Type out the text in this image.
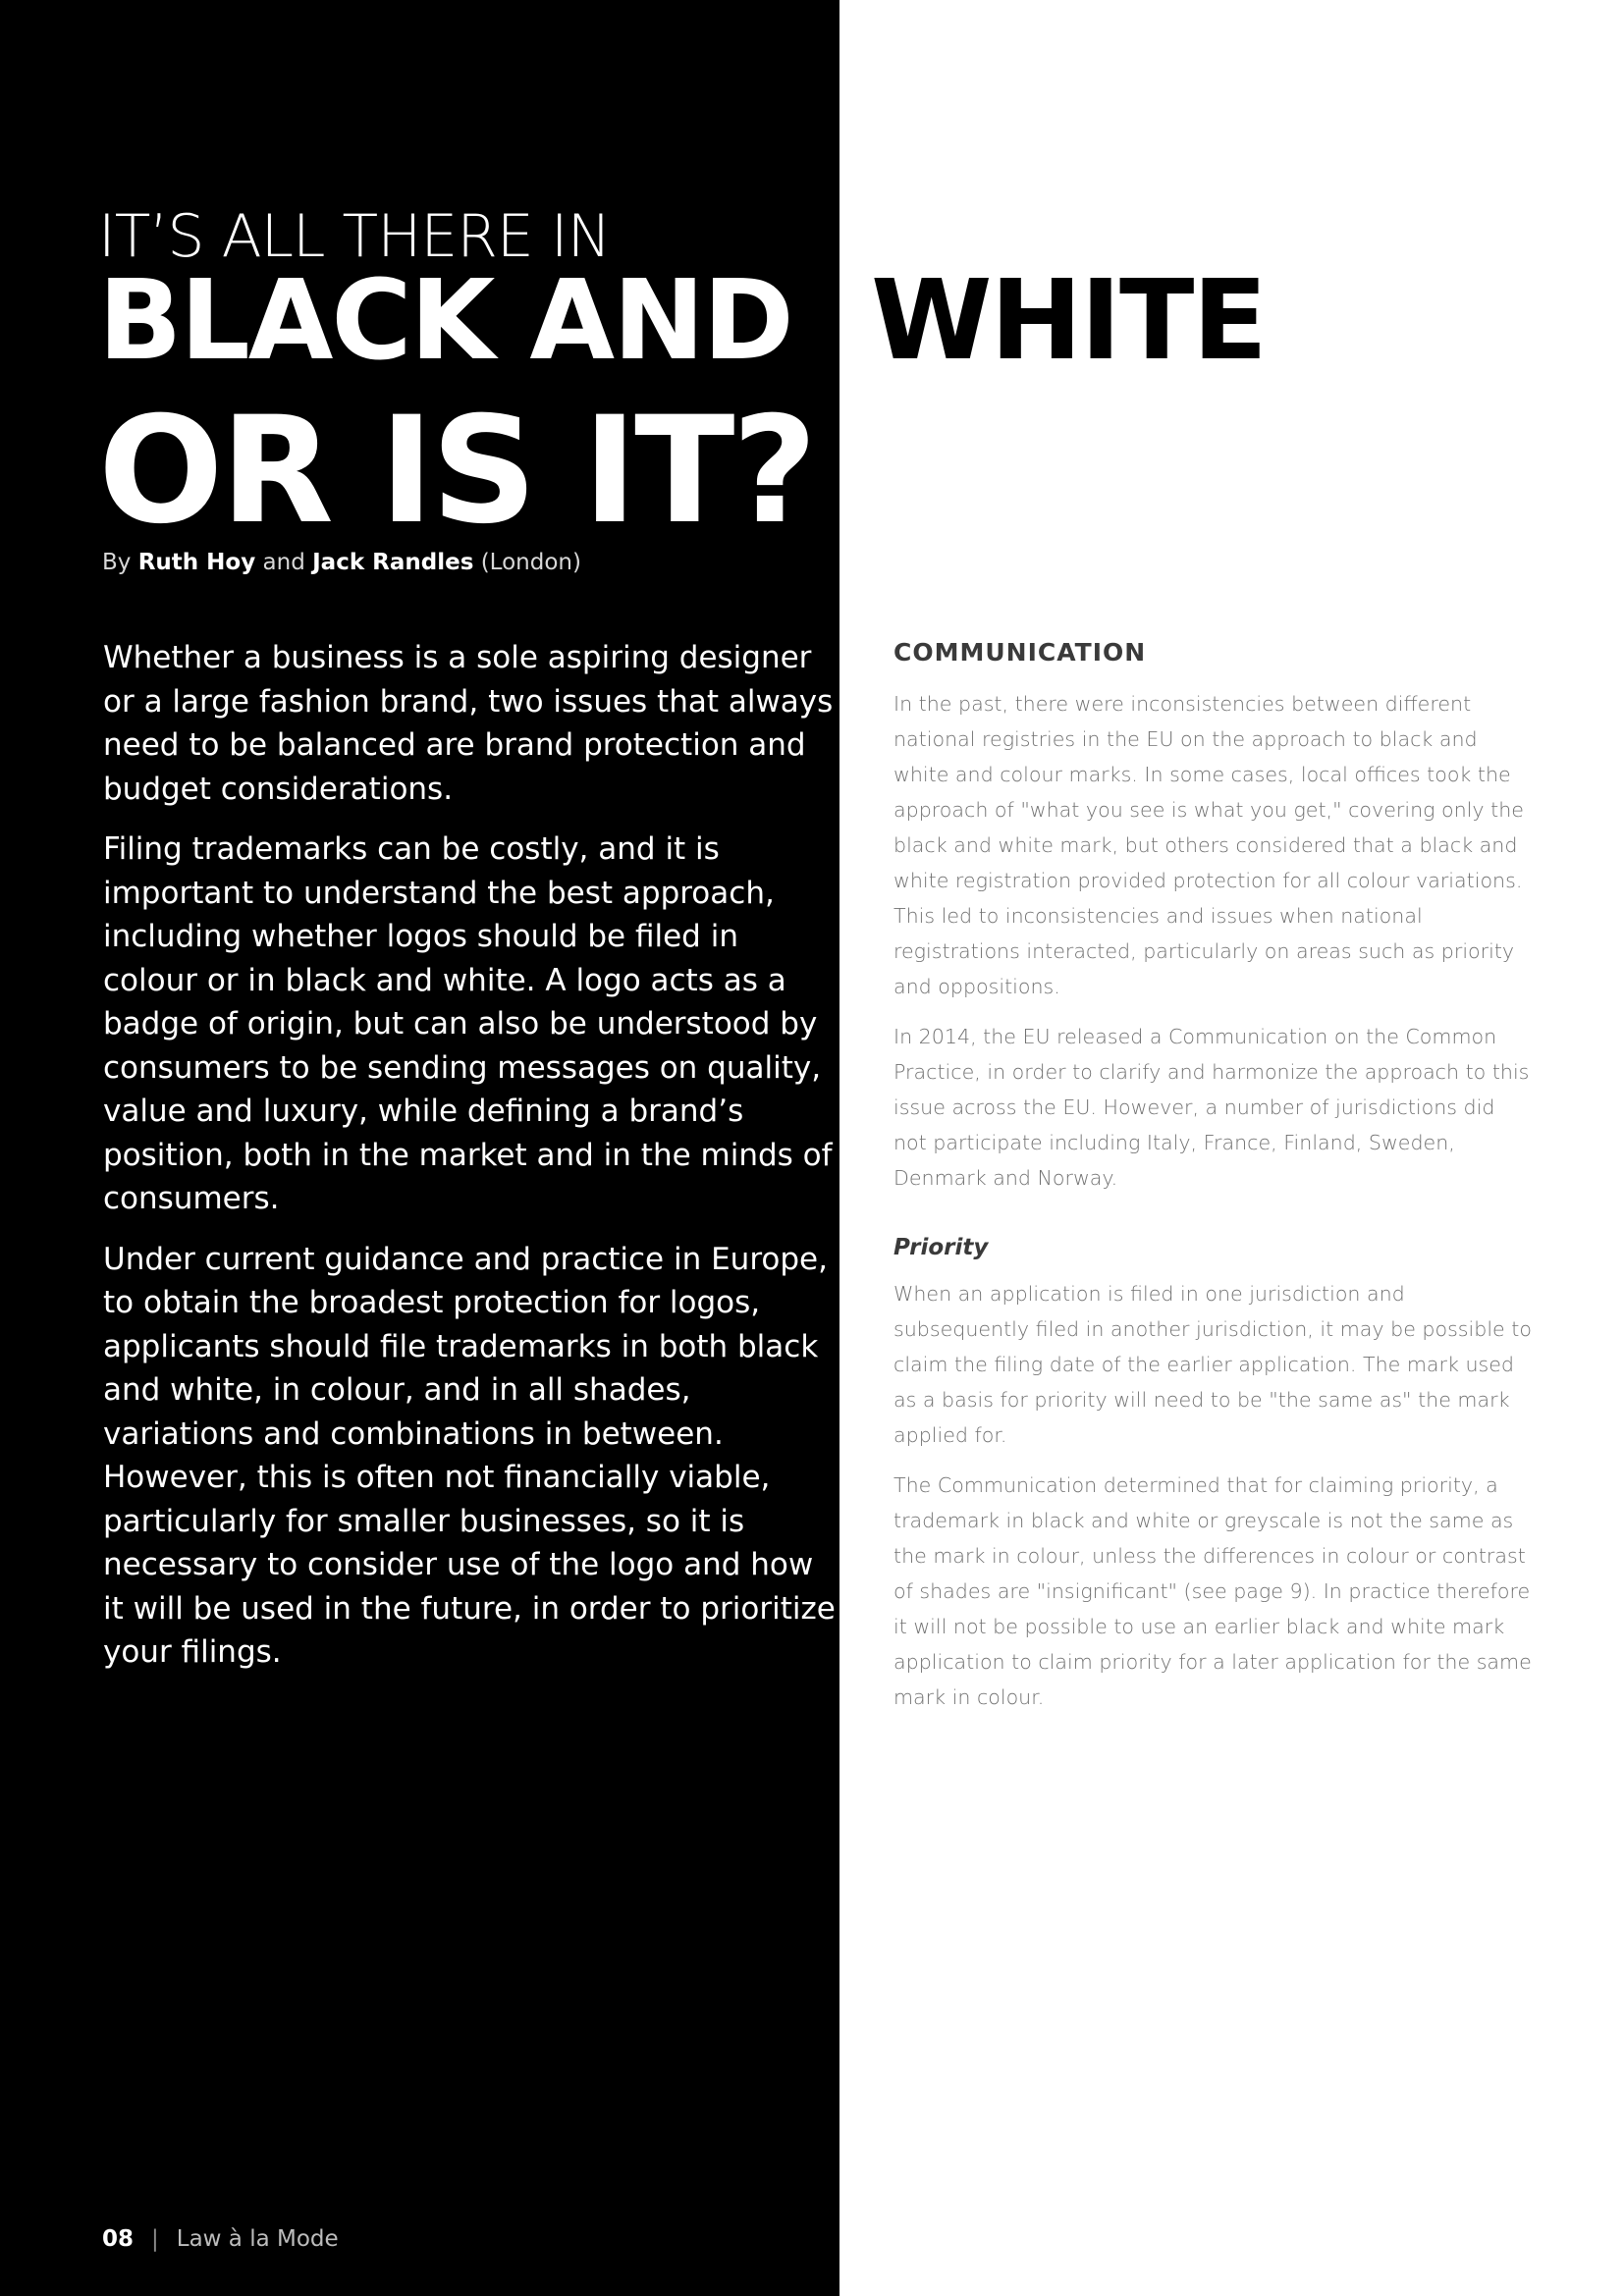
IT’S ALL THERE IN
BLACK AND WHITE
OR IS IT?

By Ruth Hoy and Jack Randles (London)

Whether a business is a sole aspiring designer or a large fashion brand, two issues that always need to be balanced are brand protection and budget considerations.

Filing trademarks can be costly, and it is important to understand the best approach, including whether logos should be filed in colour or in black and white. A logo acts as a badge of origin, but can also be understood by consumers to be sending messages on quality, value and luxury, while defining a brand’s position, both in the market and in the minds of consumers.

Under current guidance and practice in Europe, to obtain the broadest protection for logos, applicants should file trademarks in both black and white, in colour, and in all shades, variations and combinations in between. However, this is often not financially viable, particularly for smaller businesses, so it is necessary to consider use of the logo and how it will be used in the future, in order to prioritize your filings.

COMMUNICATION

In the past, there were inconsistencies between different national registries in the EU on the approach to black and white and colour marks. In some cases, local offices took the approach of "what you see is what you get," covering only the black and white mark, but others considered that a black and white registration provided protection for all colour variations. This led to inconsistencies and issues when national registrations interacted, particularly on areas such as priority and oppositions.

In 2014, the EU released a Communication on the Common Practice, in order to clarify and harmonize the approach to this issue across the EU. However, a number of jurisdictions did not participate including Italy, France, Finland, Sweden, Denmark and Norway.

Priority

When an application is filed in one jurisdiction and subsequently filed in another jurisdiction, it may be possible to claim the filing date of the earlier application. The mark used as a basis for priority will need to be "the same as" the mark applied for.

The Communication determined that for claiming priority, a trademark in black and white or greyscale is not the same as the mark in colour, unless the differences in colour or contrast of shades are "insignificant" (see page 9). In practice therefore it will not be possible to use an earlier black and white mark application to claim priority for a later application for the same mark in colour.

08 | Law à la Mode
